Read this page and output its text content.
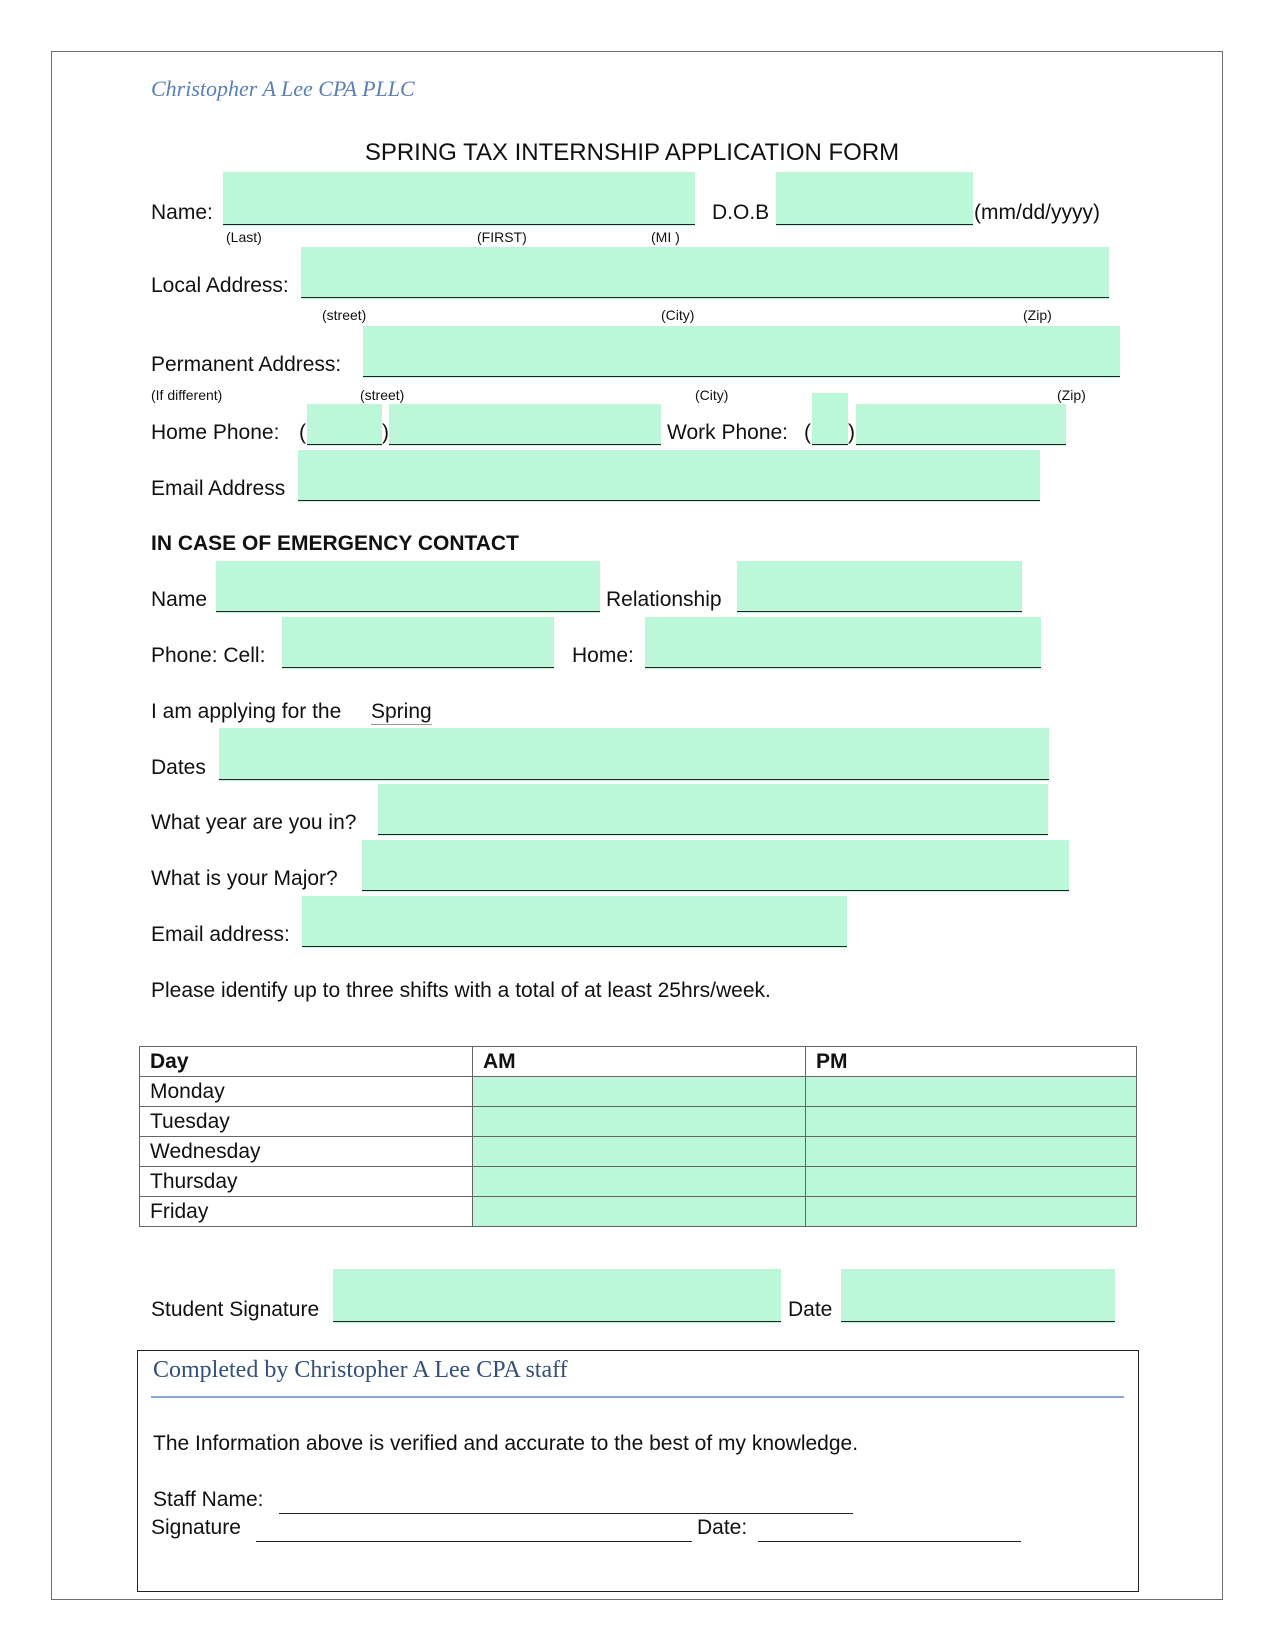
Christopher A Lee CPA PLLC
SPRING TAX INTERNSHIP APPLICATION FORM
Name:	D.O.B	(mm/dd/yyyy)
(Last)	(FIRST)	(MI )
Local Address:
(street)	(City)	(Zip)
Permanent Address:
(If different)	(street)	(City)	(Zip)
Home Phone: (	)	Work Phone: ( )
Email Address
IN CASE OF EMERGENCY CONTACT
Name	Relationship
Phone: Cell:	Home:
I am applying for the Spring
Dates
What year are you in?
What is your Major?
Email address:
Please identify up to three shifts with a total of at least 25hrs/week.
Day	AM	PM
Monday		
Tuesday		
Wednesday		
Thursday		
Friday		
Student Signature	Date
Completed by Christopher A Lee CPA staff
The Information above is verified and accurate to the best of my knowledge.
Staff Name:
Signature	Date:
